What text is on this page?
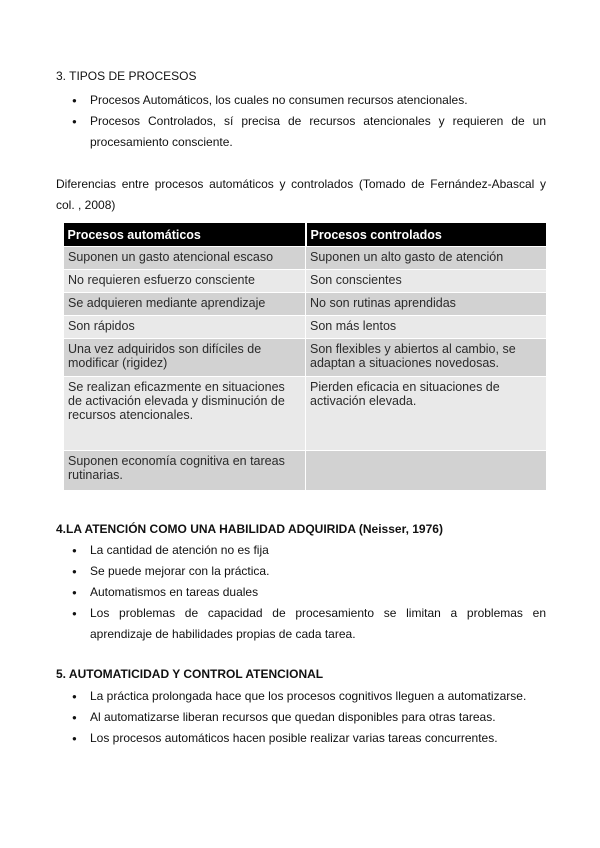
3. TIPOS DE PROCESOS
● Procesos Automáticos, los cuales no consumen recursos atencionales.
● Procesos Controlados, sí precisa de recursos atencionales y requieren de un procesamiento consciente.
Diferencias entre procesos automáticos y controlados (Tomado de Fernández-Abascal y col. , 2008)
Procesos automáticos	Procesos controlados
Suponen un gasto atencional escaso	Suponen un alto gasto de atención
No requieren esfuerzo consciente	Son conscientes
Se adquieren mediante aprendizaje	No son rutinas aprendidas
Son rápidos	Son más lentos
Una vez adquiridos son difíciles de modificar (rigidez)	Son flexibles y abiertos al cambio, se adaptan a situaciones novedosas.
Se realizan eficazmente en situaciones de activación elevada y disminución de recursos atencionales.	Pierden eficacia en situaciones de activación elevada.
Suponen economía cognitiva en tareas rutinarias.	
4.LA ATENCIÓN COMO UNA HABILIDAD ADQUIRIDA (Neisser, 1976)
● La cantidad de atención no es fija
● Se puede mejorar con la práctica.
● Automatismos en tareas duales
● Los problemas de capacidad de procesamiento se limitan a problemas en aprendizaje de habilidades propias de cada tarea.
5. AUTOMATICIDAD Y CONTROL ATENCIONAL
● La práctica prolongada hace que los procesos cognitivos lleguen a automatizarse.
● Al automatizarse liberan recursos que quedan disponibles para otras tareas.
● Los procesos automáticos hacen posible realizar varias tareas concurrentes.
